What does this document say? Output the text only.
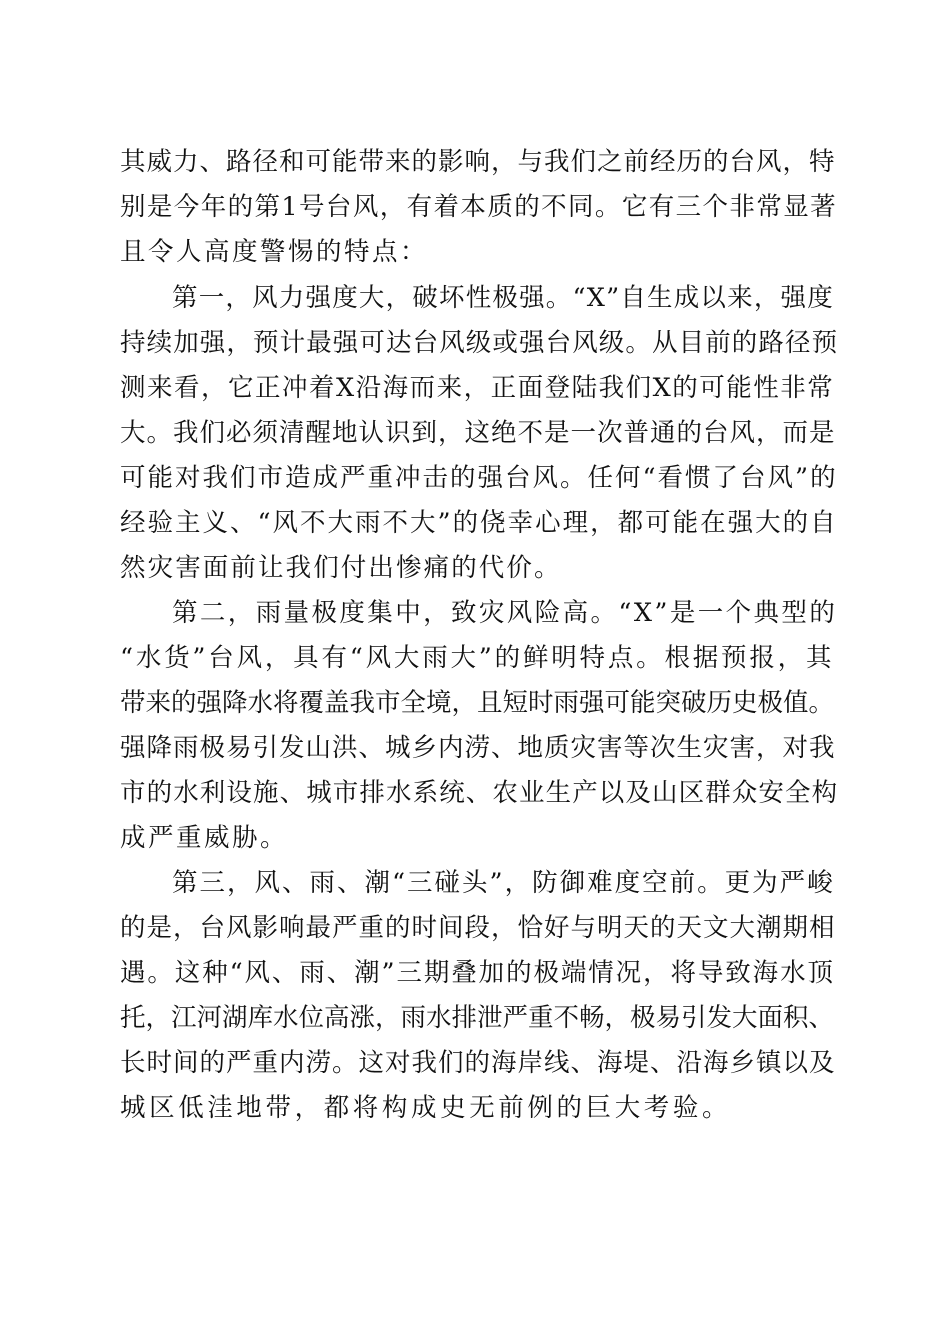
其威力、路径和可能带来的影响，与我们之前经历的台风，特
别是今年的第1号台风，有着本质的不同。它有三个非常显著
且令人高度警惕的特点：
第一，风力强度大，破坏性极强。“X”自生成以来，强度
持续加强，预计最强可达台风级或强台风级。从目前的路径预
测来看，它正冲着X沿海而来，正面登陆我们X的可能性非常
大。我们必须清醒地认识到，这绝不是一次普通的台风，而是
可能对我们市造成严重冲击的强台风。任何“看惯了台风”的
经验主义、“风不大雨不大”的侥幸心理，都可能在强大的自
然灾害面前让我们付出惨痛的代价。
第二，雨量极度集中，致灾风险高。“X”是一个典型的
“水货”台风，具有“风大雨大”的鲜明特点。根据预报，其
带来的强降水将覆盖我市全境，且短时雨强可能突破历史极值。
强降雨极易引发山洪、城乡内涝、地质灾害等次生灾害，对我
市的水利设施、城市排水系统、农业生产以及山区群众安全构
成严重威胁。
第三，风、雨、潮“三碰头”，防御难度空前。更为严峻
的是，台风影响最严重的时间段，恰好与明天的天文大潮期相
遇。这种“风、雨、潮”三期叠加的极端情况，将导致海水顶
托，江河湖库水位高涨，雨水排泄严重不畅，极易引发大面积、
长时间的严重内涝。这对我们的海岸线、海堤、沿海乡镇以及
城区低洼地带，都将构成史无前例的巨大考验。
